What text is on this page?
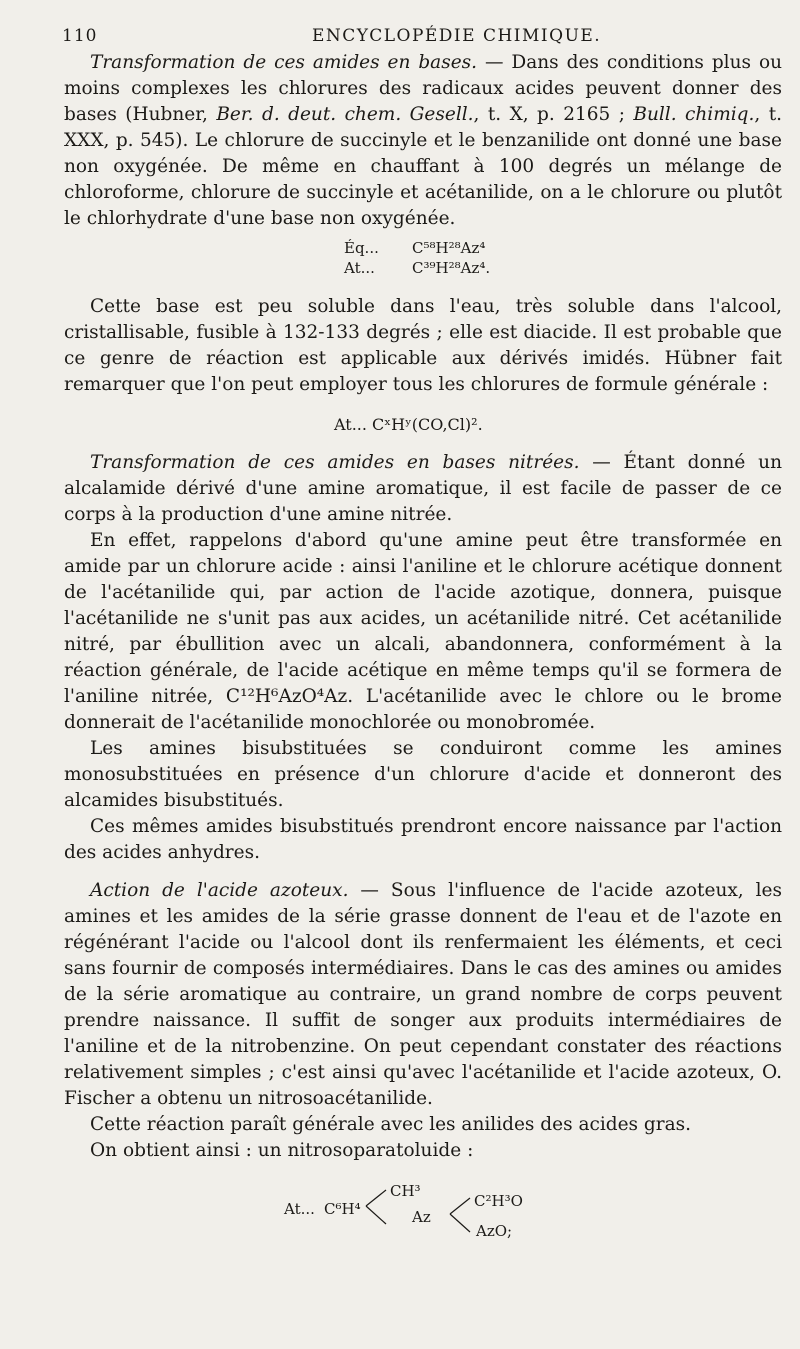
110	ENCYCLOPÉDIE CHIMIQUE.

Transformation de ces amides en bases. — Dans des conditions plus ou moins complexes les chlorures des radicaux acides peuvent donner des bases (Hubner, Ber. d. deut. chem. Gesell., t. X, p. 2165 ; Bull. chimiq., t. XXX, p. 545). Le chlorure de succinyle et le benzanilide ont donné une base non oxygénée. De même en chauffant à 100 degrés un mélange de chloroforme, chlorure de succinyle et acétanilide, on a le chlorure ou plutôt le chlorhydrate d'une base non oxygénée.

Éq...	C⁵⁸H²⁸Az⁴
At...	C³⁹H²⁸Az⁴.

Cette base est peu soluble dans l'eau, très soluble dans l'alcool, cristallisable, fusible à 132-133 degrés ; elle est diacide. Il est probable que ce genre de réaction est applicable aux dérivés imidés. Hübner fait remarquer que l'on peut employer tous les chlorures de formule générale :

At... CˣHʸ(CO,Cl)².

Transformation de ces amides en bases nitrées. — Étant donné un alcalamide dérivé d'une amine aromatique, il est facile de passer de ce corps à la production d'une amine nitrée.

En effet, rappelons d'abord qu'une amine peut être transformée en amide par un chlorure acide : ainsi l'aniline et le chlorure acétique donnent de l'acétanilide qui, par action de l'acide azotique, donnera, puisque l'acétanilide ne s'unit pas aux acides, un acétanilide nitré. Cet acétanilide nitré, par ébullition avec un alcali, abandonnera, conformément à la réaction générale, de l'acide acétique en même temps qu'il se formera de l'aniline nitrée, C¹²H⁶AzO⁴Az. L'acétanilide avec le chlore ou le brome donnerait de l'acétanilide monochlorée ou monobromée.

Les amines bisubstituées se conduiront comme les amines monosubstituées en présence d'un chlorure d'acide et donneront des alcamides bisubstitués.

Ces mêmes amides bisubstitués prendront encore naissance par l'action des acides anhydres.

Action de l'acide azoteux. — Sous l'influence de l'acide azoteux, les amines et les amides de la série grasse donnent de l'eau et de l'azote en régénérant l'acide ou l'alcool dont ils renfermaient les éléments, et ceci sans fournir de composés intermédiaires. Dans le cas des amines ou amides de la série aromatique au contraire, un grand nombre de corps peuvent prendre naissance. Il suffit de songer aux produits intermédiaires de l'aniline et de la nitrobenzine. On peut cependant constater des réactions relativement simples ; c'est ainsi qu'avec l'acétanilide et l'acide azoteux, O. Fischer a obtenu un nitrosoacétanilide.

Cette réaction paraît générale avec les anilides des acides gras.

On obtient ainsi : un nitrosoparatoluide :

At... C⁶H⁴
CH³
Az
C²H³O
AzO;
